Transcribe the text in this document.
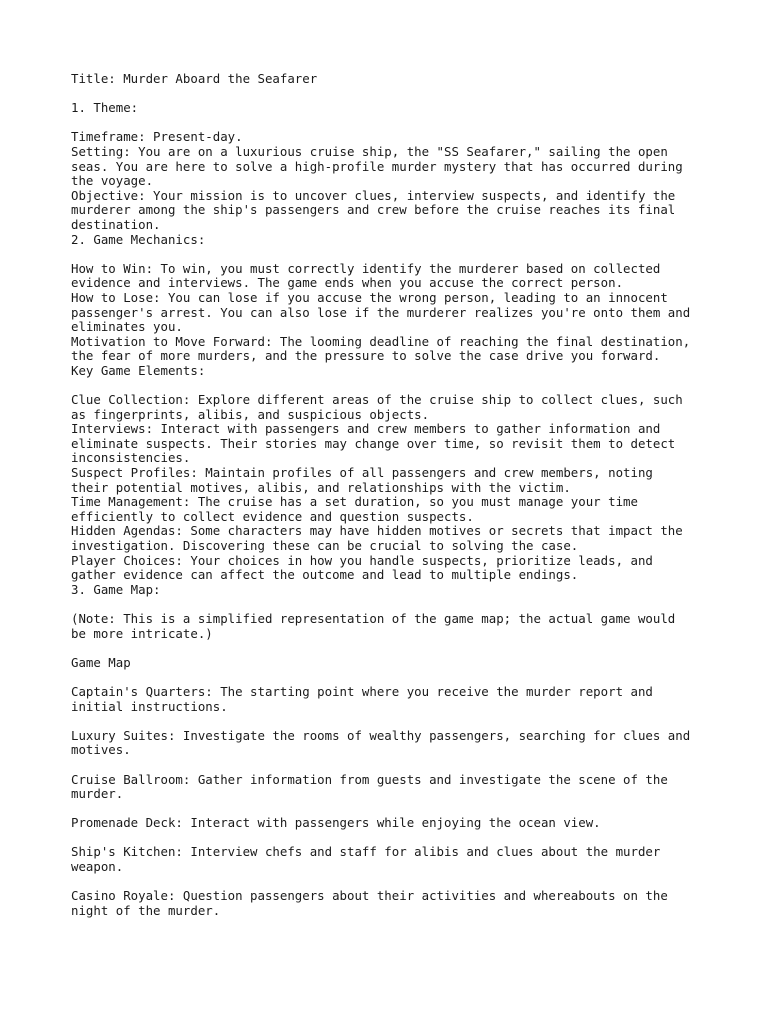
Title: Murder Aboard the Seafarer
1. Theme:
Timeframe: Present-day.
Setting: You are on a luxurious cruise ship, the "SS Seafarer," sailing the open
seas. You are here to solve a high-profile murder mystery that has occurred during
the voyage.
Objective: Your mission is to uncover clues, interview suspects, and identify the
murderer among the ship's passengers and crew before the cruise reaches its final
destination.
2. Game Mechanics:
How to Win: To win, you must correctly identify the murderer based on collected
evidence and interviews. The game ends when you accuse the correct person.
How to Lose: You can lose if you accuse the wrong person, leading to an innocent
passenger's arrest. You can also lose if the murderer realizes you're onto them and
eliminates you.
Motivation to Move Forward: The looming deadline of reaching the final destination,
the fear of more murders, and the pressure to solve the case drive you forward.
Key Game Elements:
Clue Collection: Explore different areas of the cruise ship to collect clues, such
as fingerprints, alibis, and suspicious objects.
Interviews: Interact with passengers and crew members to gather information and
eliminate suspects. Their stories may change over time, so revisit them to detect
inconsistencies.
Suspect Profiles: Maintain profiles of all passengers and crew members, noting
their potential motives, alibis, and relationships with the victim.
Time Management: The cruise has a set duration, so you must manage your time
efficiently to collect evidence and question suspects.
Hidden Agendas: Some characters may have hidden motives or secrets that impact the
investigation. Discovering these can be crucial to solving the case.
Player Choices: Your choices in how you handle suspects, prioritize leads, and
gather evidence can affect the outcome and lead to multiple endings.
3. Game Map:
(Note: This is a simplified representation of the game map; the actual game would
be more intricate.)
Game Map
Captain's Quarters: The starting point where you receive the murder report and
initial instructions.
Luxury Suites: Investigate the rooms of wealthy passengers, searching for clues and
motives.
Cruise Ballroom: Gather information from guests and investigate the scene of the
murder.
Promenade Deck: Interact with passengers while enjoying the ocean view.
Ship's Kitchen: Interview chefs and staff for alibis and clues about the murder
weapon.
Casino Royale: Question passengers about their activities and whereabouts on the
night of the murder.
